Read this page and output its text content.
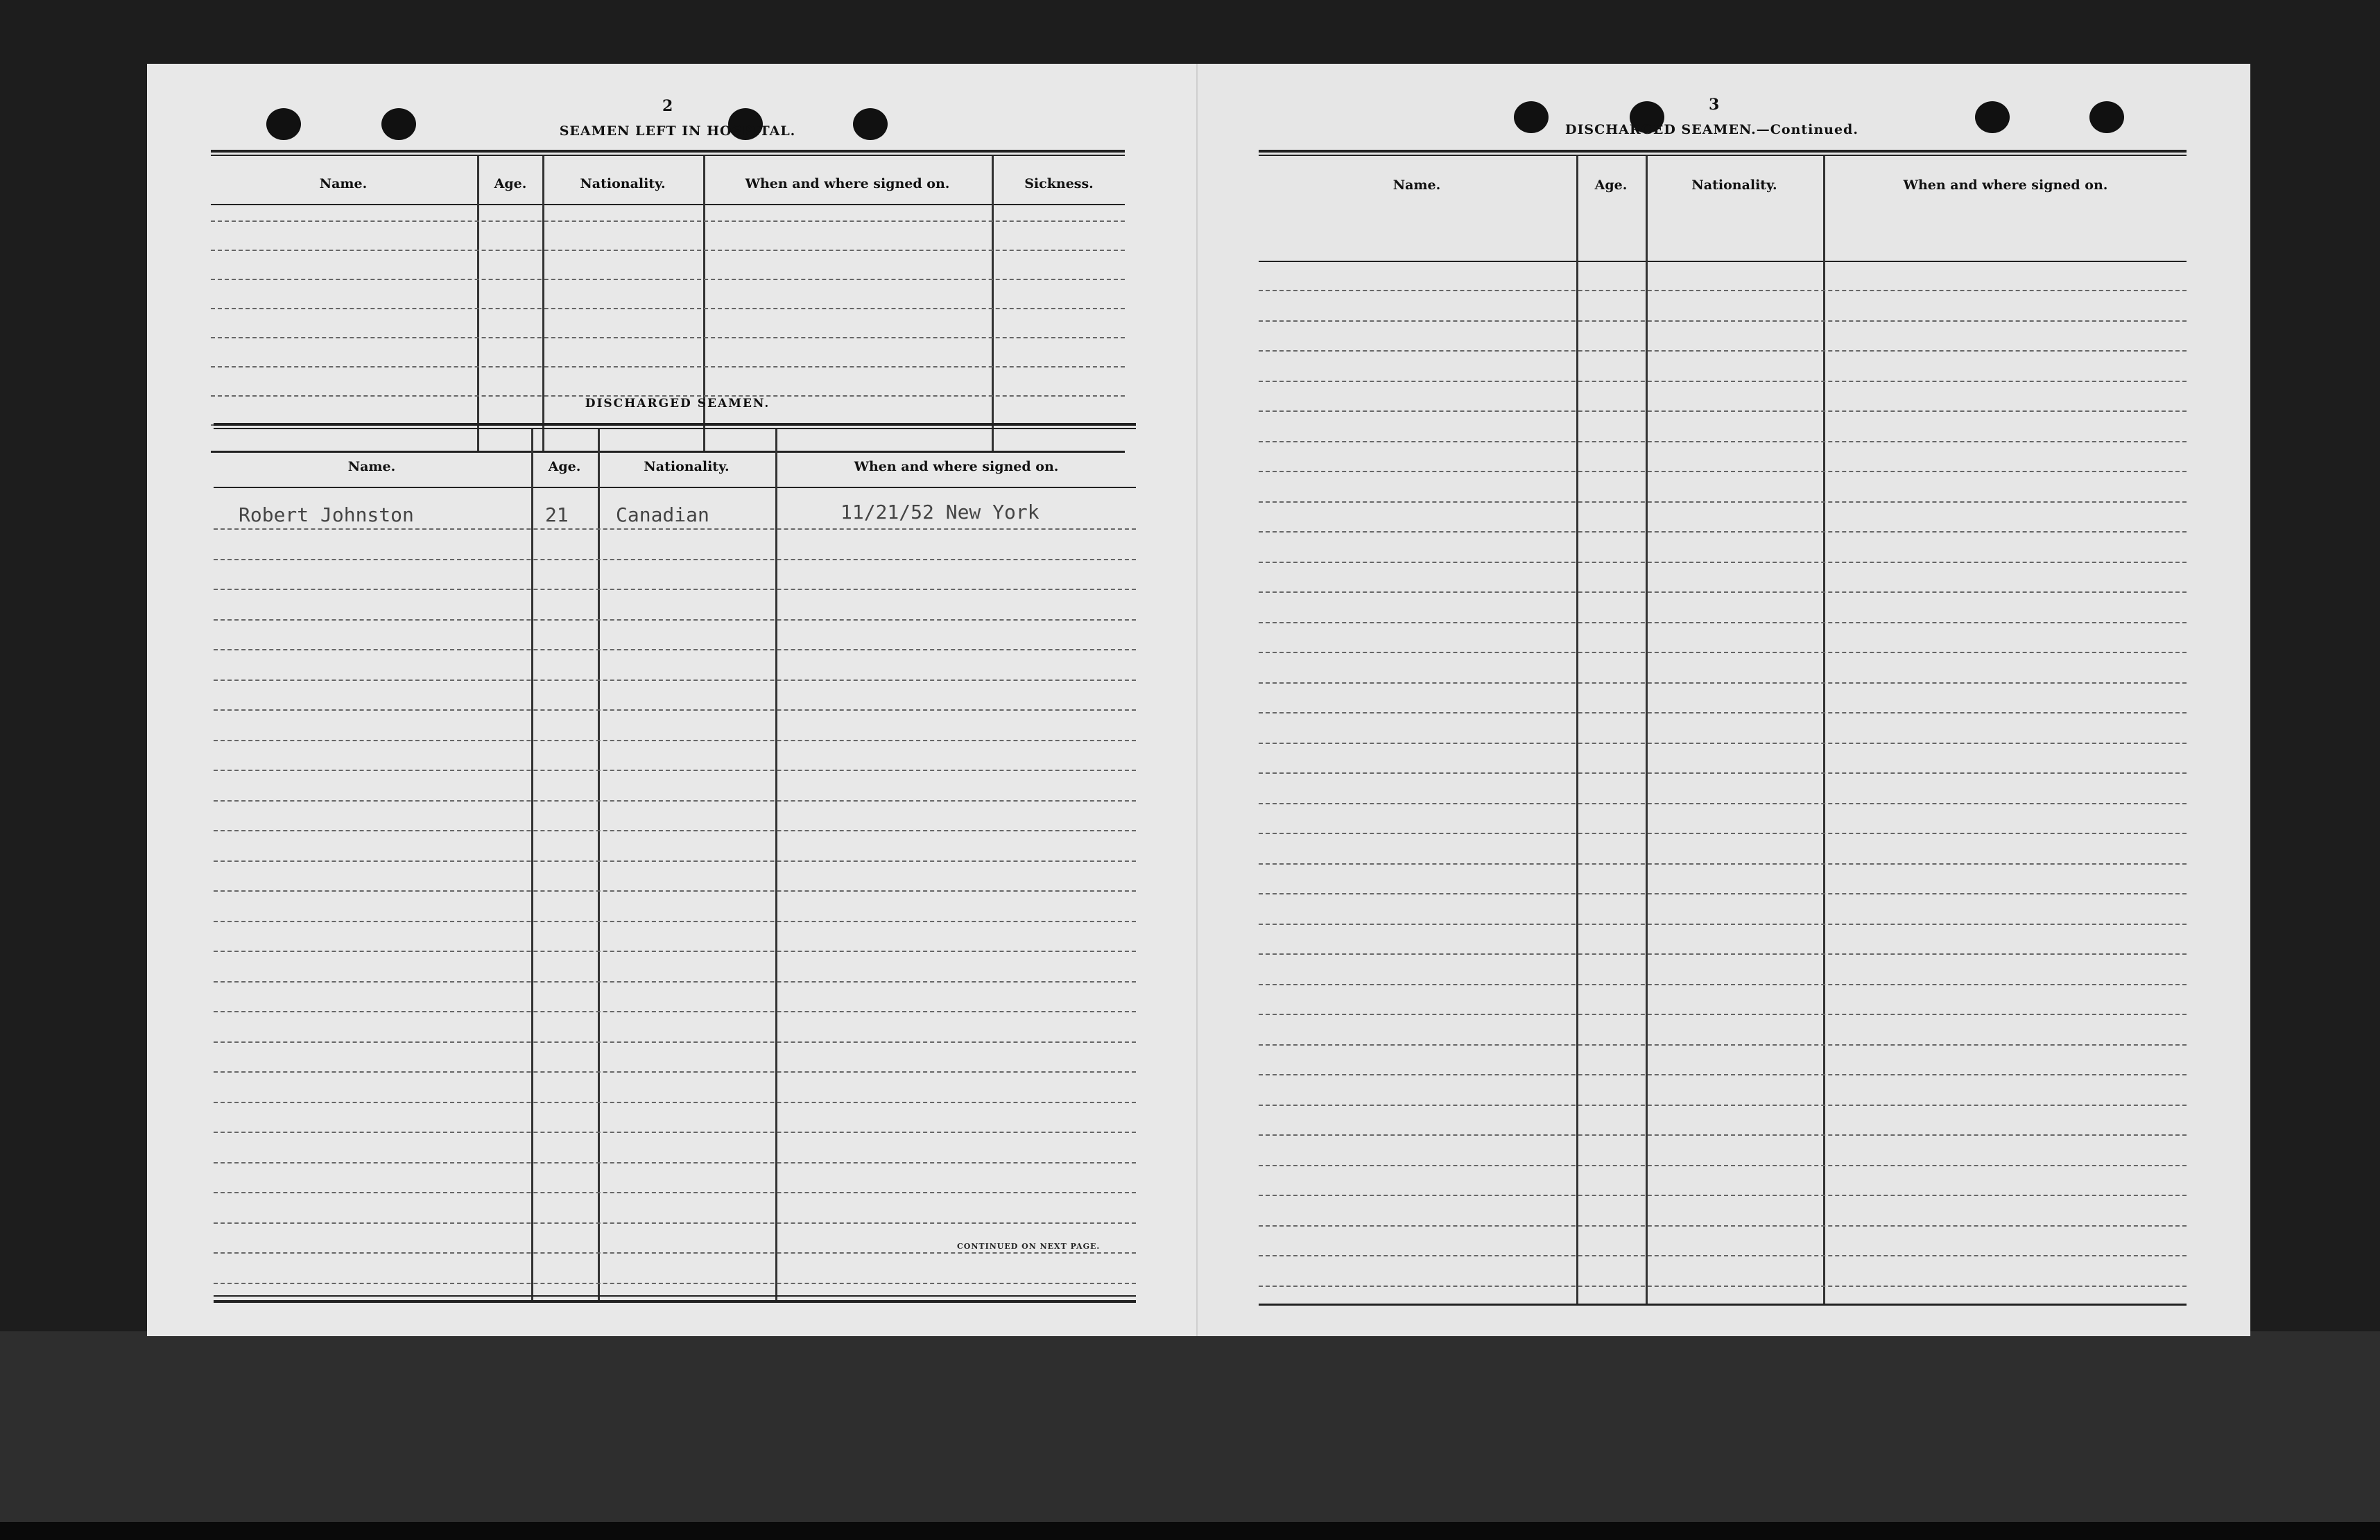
2
SEAMEN LEFT IN HOSPITAL.
Name.	Age.	Nationality.	When and where signed on.	Sickness.
DISCHARGED SEAMEN.
Name.	Age.	Nationality.	When and where signed on.
Robert Johnston	21 Canadian	11/21/52 New York
CONTINUED ON NEXT PAGE.
3
DISCHARGED SEAMEN.—Continued.
Name.	Age.	Nationality.	When and where signed on.
